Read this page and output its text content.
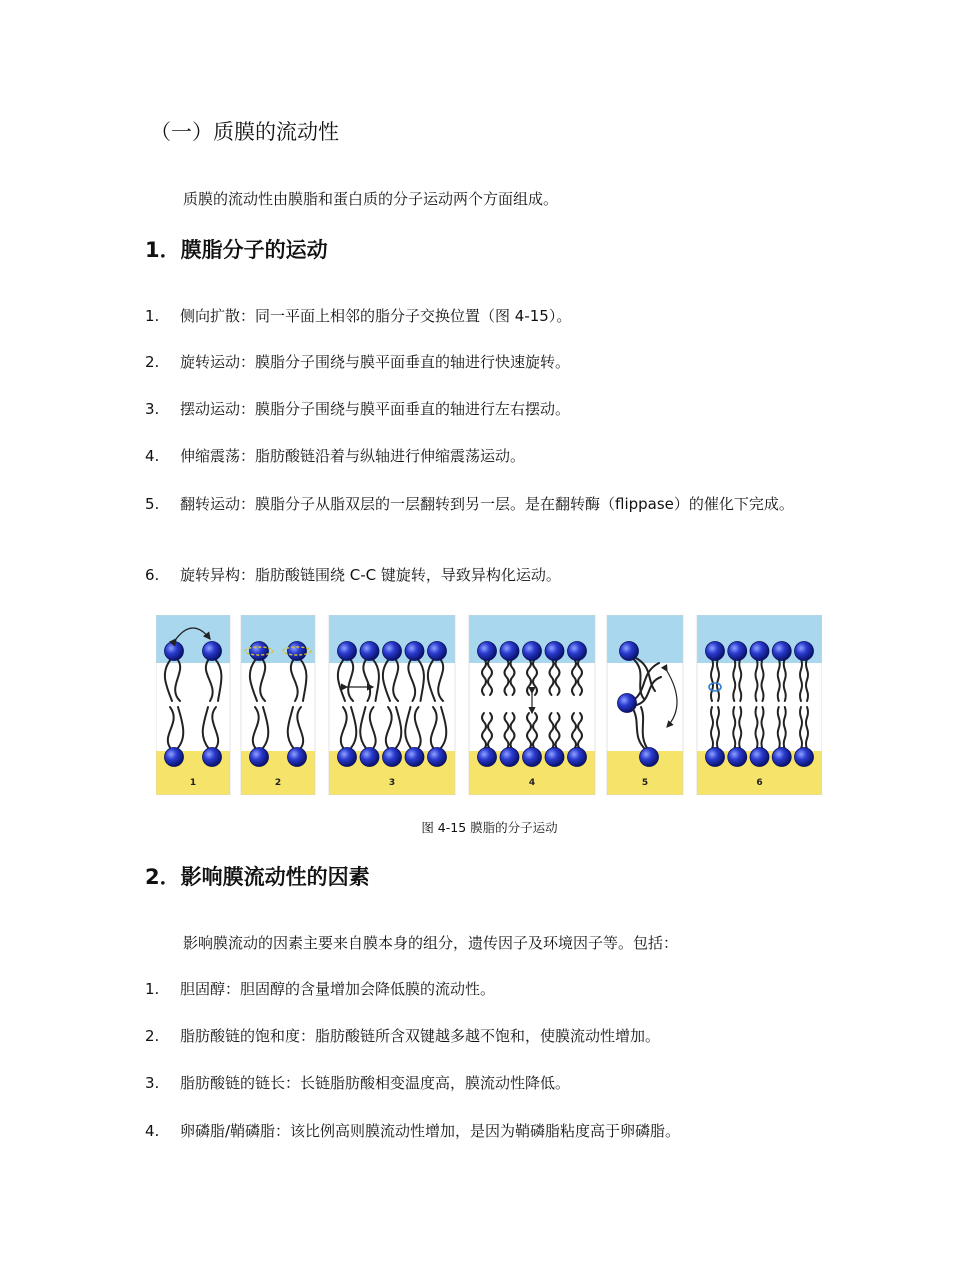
（一）质膜的流动性

质膜的流动性由膜脂和蛋白质的分子运动两个方面组成。

1．膜脂分子的运动
1.	侧向扩散：同一平面上相邻的脂分子交换位置（图 4-15）。
2.	旋转运动：膜脂分子围绕与膜平面垂直的轴进行快速旋转。
3.	摆动运动：膜脂分子围绕与膜平面垂直的轴进行左右摆动。
4.	伸缩震荡：脂肪酸链沿着与纵轴进行伸缩震荡运动。
5.	翻转运动：膜脂分子从脂双层的一层翻转到另一层。是在翻转酶（flippase）的催化下完成。
6.	旋转异构：脂肪酸链围绕 C-C 键旋转，导致异构化运动。
1	2	3	4	5	6

图 4-15 膜脂的分子运动

2．影响膜流动性的因素

影响膜流动的因素主要来自膜本身的组分，遗传因子及环境因子等。包括：

1.	胆固醇：胆固醇的含量增加会降低膜的流动性。
2.	脂肪酸链的饱和度：脂肪酸链所含双键越多越不饱和，使膜流动性增加。
3.	脂肪酸链的链长：长链脂肪酸相变温度高，膜流动性降低。
4.	卵磷脂/鞘磷脂：该比例高则膜流动性增加，是因为鞘磷脂粘度高于卵磷脂。
